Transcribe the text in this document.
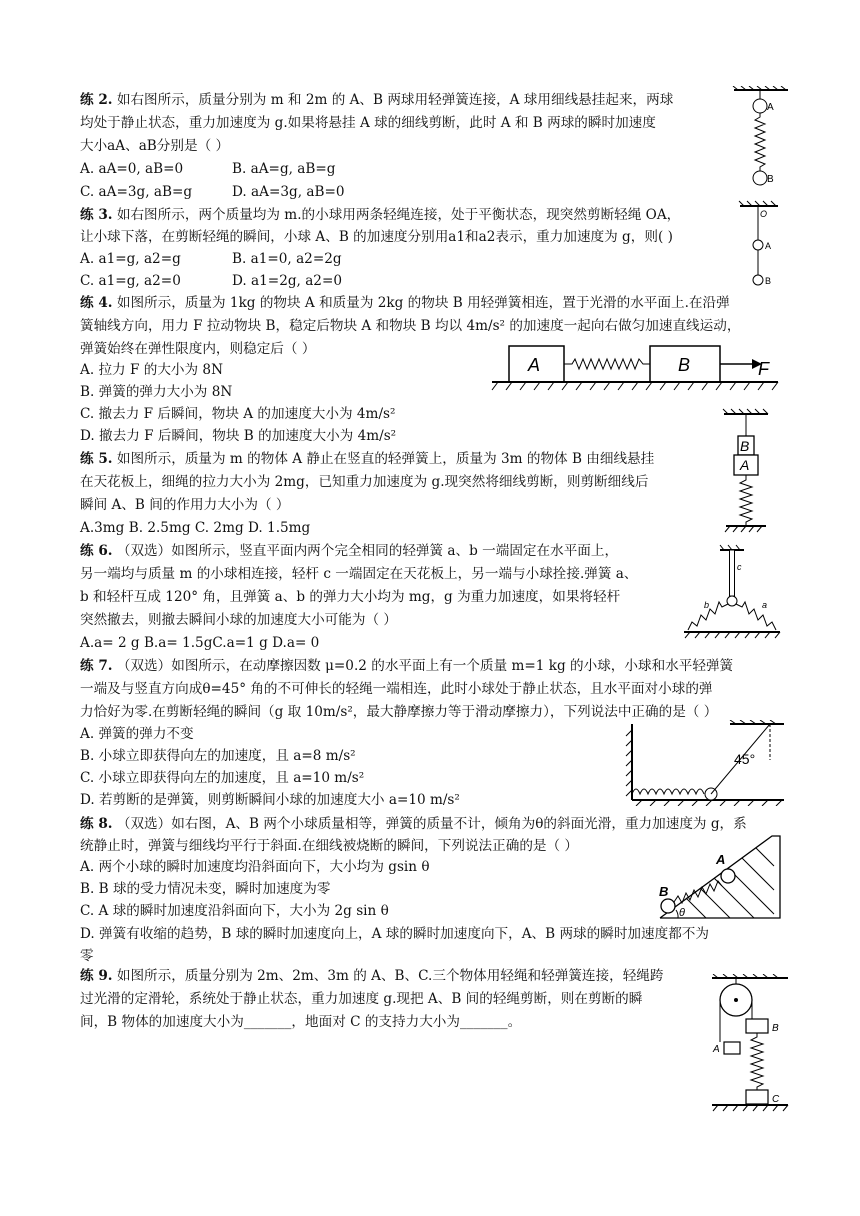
练 2. 如右图所示，质量分别为 m 和 2m 的 A、B 两球用轻弹簧连接，A 球用细线悬挂起来，两球
均处于静止状态，重力加速度为 g.如果将悬挂 A 球的细线剪断，此时 A 和 B 两球的瞬时加速度
大小aA、aB分别是（ ）
A. aA=0, aB=0	B. aA=g, aB=g
C. aA=3g, aB=g	D. aA=3g, aB=0
A
B
练 3. 如右图所示，两个质量均为 m.的小球用两条轻绳连接，处于平衡状态，现突然剪断轻绳 OA，
让小球下落，在剪断轻绳的瞬间，小球 A、B 的加速度分别用a1和a2表示，重力加速度为 g，则( )
A. a1=g, a2=g	B. a1=0, a2=2g
C. a1=g, a2=0	D. a1=2g, a2=0
O
A
B
练 4. 如图所示，质量为 1kg 的物块 A 和质量为 2kg 的物块 B 用轻弹簧相连，置于光滑的水平面上.在沿弹
簧轴线方向，用力 F 拉动物块 B，稳定后物块 A 和物块 B 均以 4m/s² 的加速度一起向右做匀加速直线运动，
弹簧始终在弹性限度内，则稳定后（ ）
A. 拉力 F 的大小为 8N
B. 弹簧的弹力大小为 8N
C. 撤去力 F 后瞬间，物块 A 的加速度大小为 4m/s²
D. 撤去力 F 后瞬间，物块 B 的加速度大小为 4m/s²
A	B	F
练 5. 如图所示，质量为 m 的物体 A 静止在竖直的轻弹簧上，质量为 3m 的物体 B 由细线悬挂
在天花板上，细绳的拉力大小为 2mg，已知重力加速度为 g.现突然将细线剪断，则剪断细线后
瞬间 A、B 间的作用力大小为（ ）
A.3mg B. 2.5mg C. 2mg D. 1.5mg
B
A
练 6. （双选）如图所示，竖直平面内两个完全相同的轻弹簧 a、b 一端固定在水平面上，
另一端均与质量 m 的小球相连接，轻杆 c 一端固定在天花板上，另一端与小球拴接.弹簧 a、
b 和轻杆互成 120° 角，且弹簧 a、b 的弹力大小均为 mg，g 为重力加速度，如果将轻杆
突然撤去，则撤去瞬间小球的加速度大小可能为（ ）
A.a= 2 g B.a= 1.5gC.a=1 g D.a= 0
c
b	a
练 7. （双选）如图所示，在动摩擦因数 μ=0.2 的水平面上有一个质量 m=1 kg 的小球，小球和水平轻弹簧
一端及与竖直方向成θ=45° 角的不可伸长的轻绳一端相连，此时小球处于静止状态，且水平面对小球的弹
力恰好为零.在剪断轻绳的瞬间（g 取 10m/s²，最大静摩擦力等于滑动摩擦力），下列说法中正确的是（ ）
A. 弹簧的弹力不变
B. 小球立即获得向左的加速度，且 a=8 m/s²
C. 小球立即获得向左的加速度，且 a=10 m/s²
D. 若剪断的是弹簧，则剪断瞬间小球的加速度大小 a=10 m/s²
45°
练 8. （双选）如右图，A、B 两个小球质量相等，弹簧的质量不计，倾角为θ的斜面光滑，重力加速度为 g，系
统静止时，弹簧与细线均平行于斜面.在细线被烧断的瞬间，下列说法正确的是（ ）
A. 两个小球的瞬时加速度均沿斜面向下，大小均为 gsin θ
B. B 球的受力情况未变，瞬时加速度为零
C. A 球的瞬时加速度沿斜面向下，大小为 2g sin θ
D. 弹簧有收缩的趋势，B 球的瞬时加速度向上，A 球的瞬时加速度向下，A、B 两球的瞬时加速度都不为
零
B
A
θ
练 9. 如图所示，质量分别为 2m、2m、3m 的 A、B、C.三个物体用轻绳和轻弹簧连接，轻绳跨
过光滑的定滑轮，系统处于静止状态，重力加速度 g.现把 A、B 间的轻绳剪断，则在剪断的瞬
间，B 物体的加速度大小为_______，地面对 C 的支持力大小为_______。
A
B
C
